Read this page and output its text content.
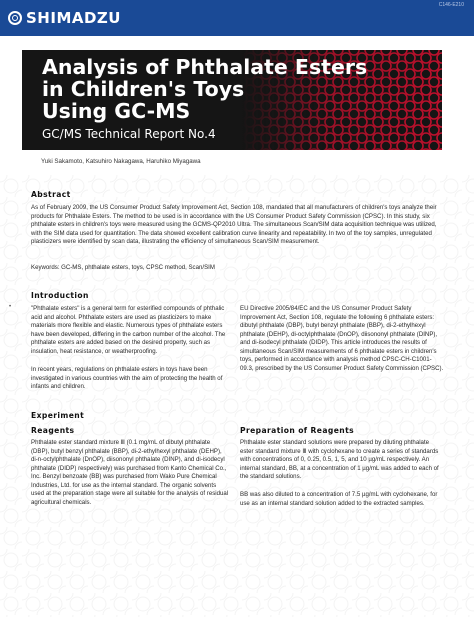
SHIMADZU
C146-E210
Analysis of Phthalate Esters
in Children's Toys
Using GC-MS
GC/MS Technical Report No.4
Yuki Sakamoto, Katsuhiro Nakagawa, Haruhiko Miyagawa
Abstract

As of February 2009, the US Consumer Product Safety Improvement Act, Section 108, mandated that all manufacturers of children's toys analyze their products for Phthalate Esters. The method to be used is in accordance with the US Consumer Product Safety Commission (CPSC). In this study, six phthalate esters in children's toys were measured using the GCMS-QP2010 Ultra. The simultaneous Scan/SIM data acquisition technique was utilized, with the SIM data used for quantitation. The data showed excellent calibration curve linearity and repeatability. In two of the toy samples, unregulated plasticizers were identified by scan data, illustrating the efficiency of simultaneous Scan/SIM measurement.

Keywords: GC-MS, phthalate esters, toys, CPSC method, Scan/SIM

Introduction
•	"Phthalate esters" is a general term for esterified compounds of phthalic acid and alcohol. Phthalate esters are used as plasticizers to make materials more flexible and elastic. Numerous types of phthalate esters have been developed, differing in the carbon number of the alcohol. The phthalate esters are added based on the desired property, such as insulation, heat resistance, or weatherproofing.

In recent years, regulations on phthalate esters in toys have been investigated in various countries with the aim of protecting the health of infants and children.

EU Directive 2005/84/EC and the US Consumer Product Safety Improvement Act, Section 108, regulate the following 6 phthalate esters: dibutyl phthalate (DBP), butyl benzyl phthalate (BBP), di-2-ethylhexyl phthalate (DEHP), di-octylphthalate (DnOP), diisononyl phthalate (DINP), and di-isodecyl phthalate (DIDP). This article introduces the results of simultaneous Scan/SIM measurements of 6 phthalate esters in children's toys, performed in accordance with analysis method CPSC-CH-C1001-09.3, prescribed by the US Consumer Product Safety Commission (CPSC).

Experiment
Reagents

Phthalate ester standard mixture Ⅲ (0.1 mg/mL of dibutyl phthalate (DBP), butyl benzyl phthalate (BBP), di-2-ethylhexyl phthalate (DEHP), di-n-octylphthalate (DnOP), diisononyl phthalate (DINP), and di-isodecyl phthalate (DIDP) respectively) was purchased from Kanto Chemical Co., Inc. Benzyl benzoate (BB) was purchased from Wako Pure Chemical Industries, Ltd. for use as the internal standard. The organic solvents used at the preparation stage were all suitable for the analysis of residual agricultural chemicals.

Preparation of Reagents

Phthalate ester standard solutions were prepared by diluting phthalate ester standard mixture Ⅲ with cyclohexane to create a series of standards with concentrations of 0, 0.25, 0.5, 1, 5, and 10 µg/mL respectively. An internal standard, BB, at a concentration of 1 µg/mL was added to each of the standard solutions.

BB was also diluted to a concentration of 7.5 µg/mL with cyclohexane, for use as an internal standard solution added to the extracted samples.
